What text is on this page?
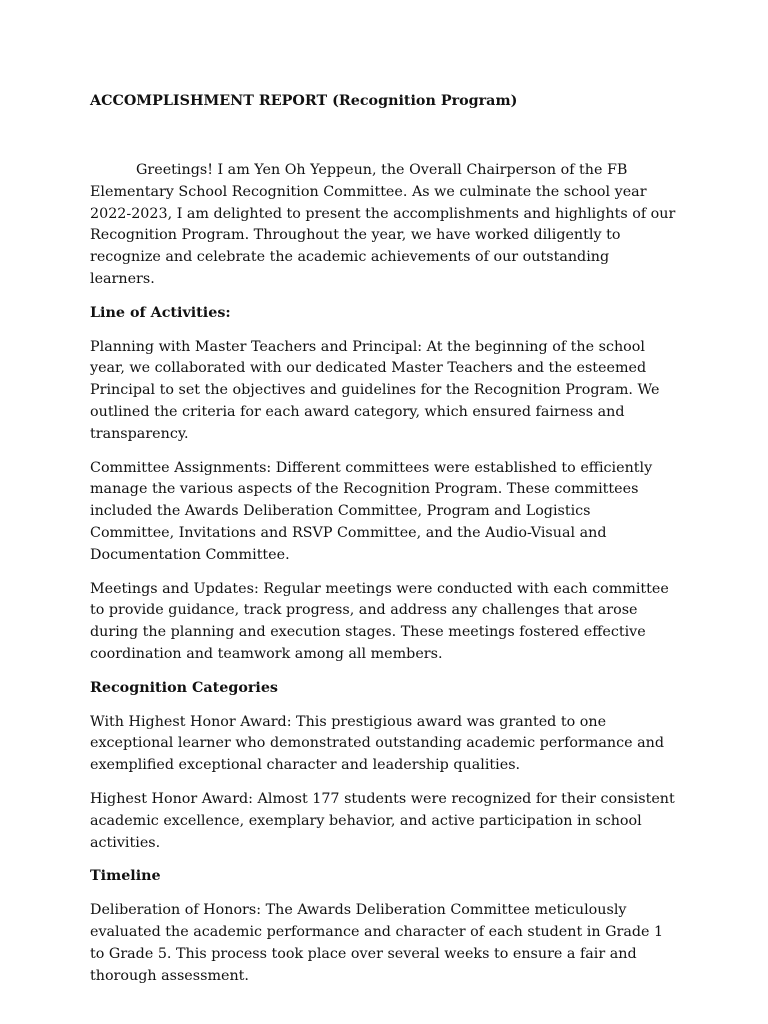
ACCOMPLISHMENT REPORT (Recognition Program)

Greetings! I am Yen Oh Yeppeun, the Overall Chairperson of the FB Elementary School Recognition Committee. As we culminate the school year 2022-2023, I am delighted to present the accomplishments and highlights of our Recognition Program. Throughout the year, we have worked diligently to recognize and celebrate the academic achievements of our outstanding learners.

Line of Activities:

Planning with Master Teachers and Principal: At the beginning of the school year, we collaborated with our dedicated Master Teachers and the esteemed Principal to set the objectives and guidelines for the Recognition Program. We outlined the criteria for each award category, which ensured fairness and transparency.

Committee Assignments: Different committees were established to efficiently manage the various aspects of the Recognition Program. These committees included the Awards Deliberation Committee, Program and Logistics Committee, Invitations and RSVP Committee, and the Audio-Visual and Documentation Committee.

Meetings and Updates: Regular meetings were conducted with each committee to provide guidance, track progress, and address any challenges that arose during the planning and execution stages. These meetings fostered effective coordination and teamwork among all members.

Recognition Categories

With Highest Honor Award: This prestigious award was granted to one exceptional learner who demonstrated outstanding academic performance and exemplified exceptional character and leadership qualities.

Highest Honor Award: Almost 177 students were recognized for their consistent academic excellence, exemplary behavior, and active participation in school activities.

Timeline

Deliberation of Honors: The Awards Deliberation Committee meticulously evaluated the academic performance and character of each student in Grade 1 to Grade 5. This process took place over several weeks to ensure a fair and thorough assessment.
